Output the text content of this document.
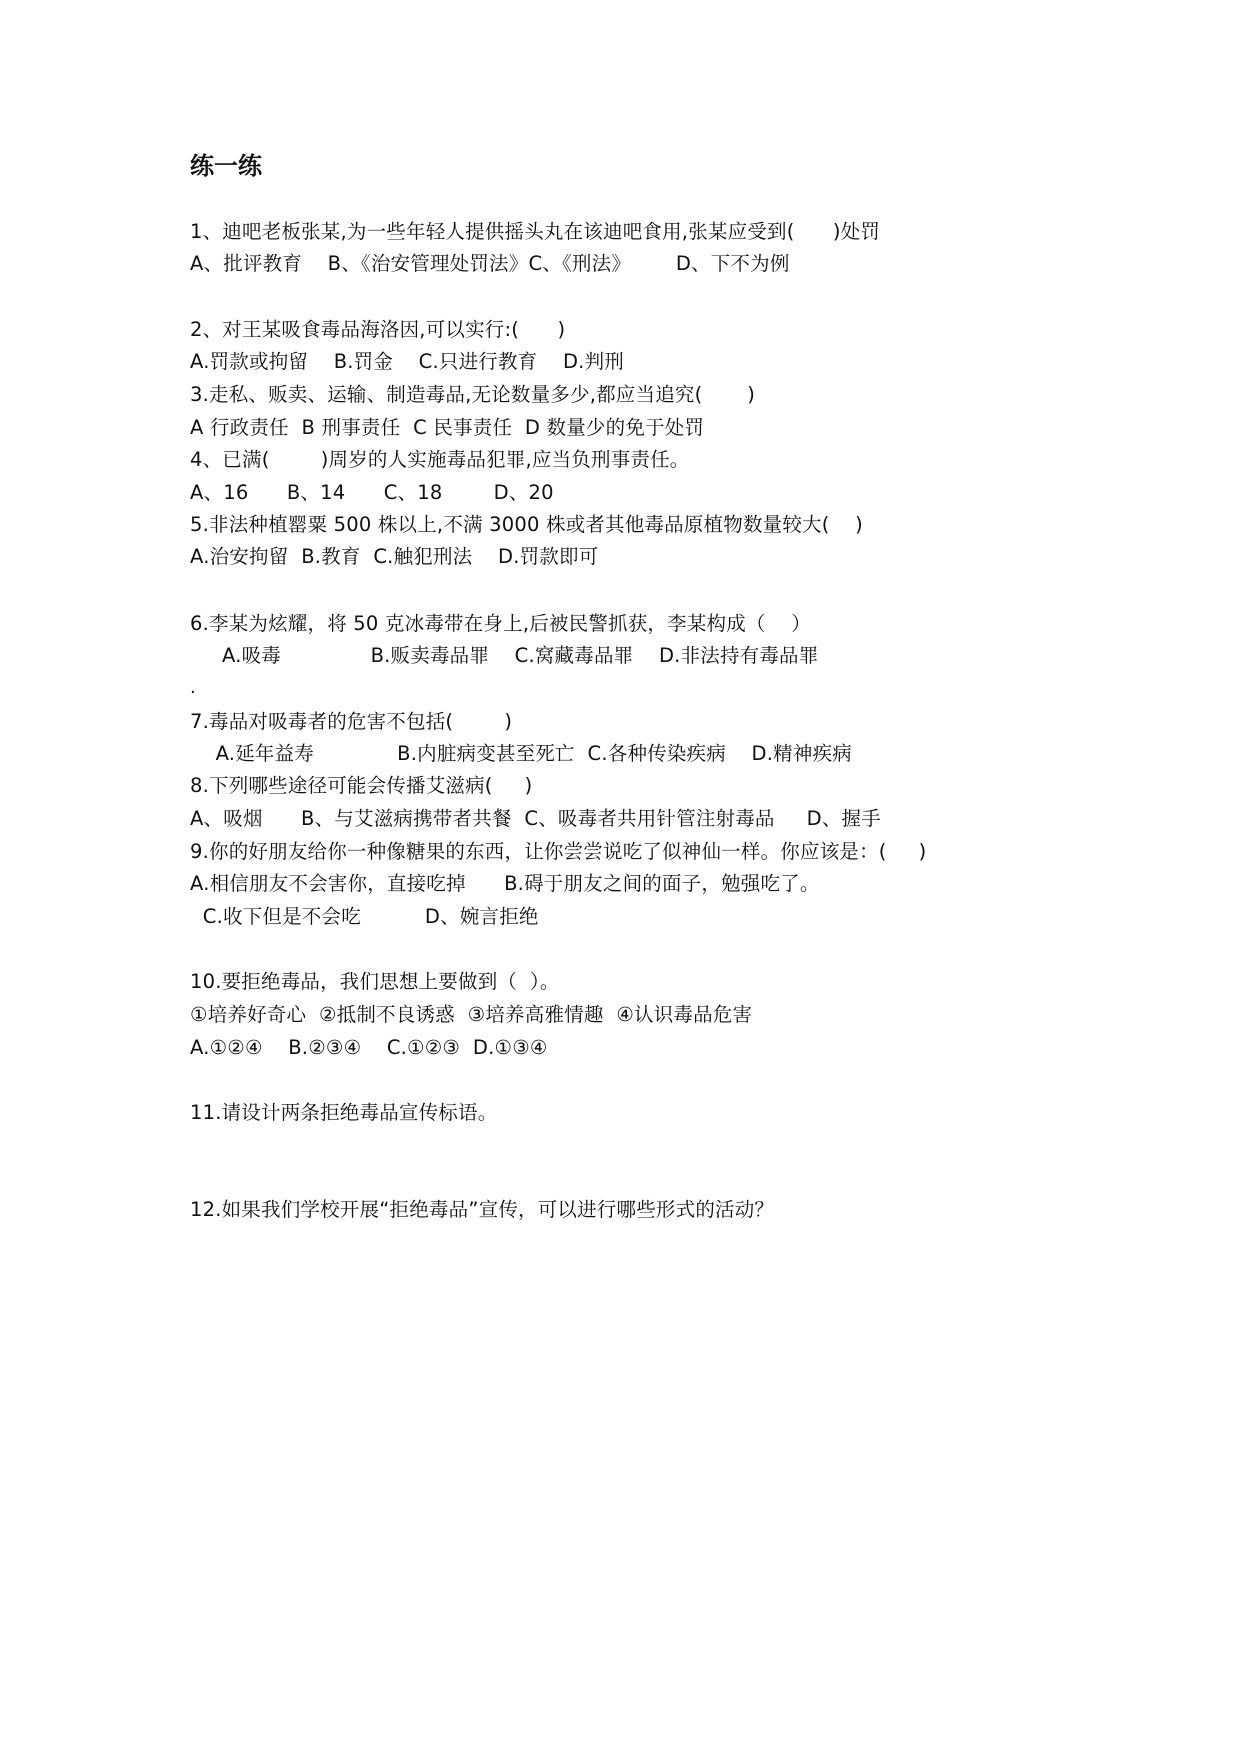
练一练
1、迪吧老板张某,为一些年轻人提供摇头丸在该迪吧食用,张某应受到(      )处罚
A、批评教育    B、《治安管理处罚法》C、《刑法》       D、下不为例
2、对王某吸食毒品海洛因,可以实行:(      )
A.罚款或拘留    B.罚金    C.只进行教育    D.判刑
3.走私、贩卖、运输、制造毒品,无论数量多少,都应当追究(       )
A 行政责任  B 刑事责任  C 民事责任  D 数量少的免于处罚
4、已满(        )周岁的人实施毒品犯罪,应当负刑事责任。
A、16      B、14      C、18        D、20
5.非法种植罂粟 500 株以上,不满 3000 株或者其他毒品原植物数量较大(    )
A.治安拘留  B.教育  C.触犯刑法    D.罚款即可
6.李某为炫耀，将 50 克冰毒带在身上,后被民警抓获，李某构成（    ）
A.吸毒              B.贩卖毒品罪    C.窝藏毒品罪    D.非法持有毒品罪
.
7.毒品对吸毒者的危害不包括(        )
A.延年益寿             B.内脏病变甚至死亡  C.各种传染疾病    D.精神疾病
8.下列哪些途径可能会传播艾滋病(     )
A、吸烟      B、与艾滋病携带者共餐  C、吸毒者共用针管注射毒品     D、握手
9.你的好朋友给你一种像糖果的东西，让你尝尝说吃了似神仙一样。你应该是：(     )
A.相信朋友不会害你，直接吃掉      B.碍于朋友之间的面子，勉强吃了。
C.收下但是不会吃          D、婉言拒绝
10.要拒绝毒品，我们思想上要做到（  ）。
①培养好奇心  ②抵制不良诱惑  ③培养高雅情趣  ④认识毒品危害
A.①②④    B.②③④    C.①②③  D.①③④
11.请设计两条拒绝毒品宣传标语。
12.如果我们学校开展“拒绝毒品”宣传，可以进行哪些形式的活动？
